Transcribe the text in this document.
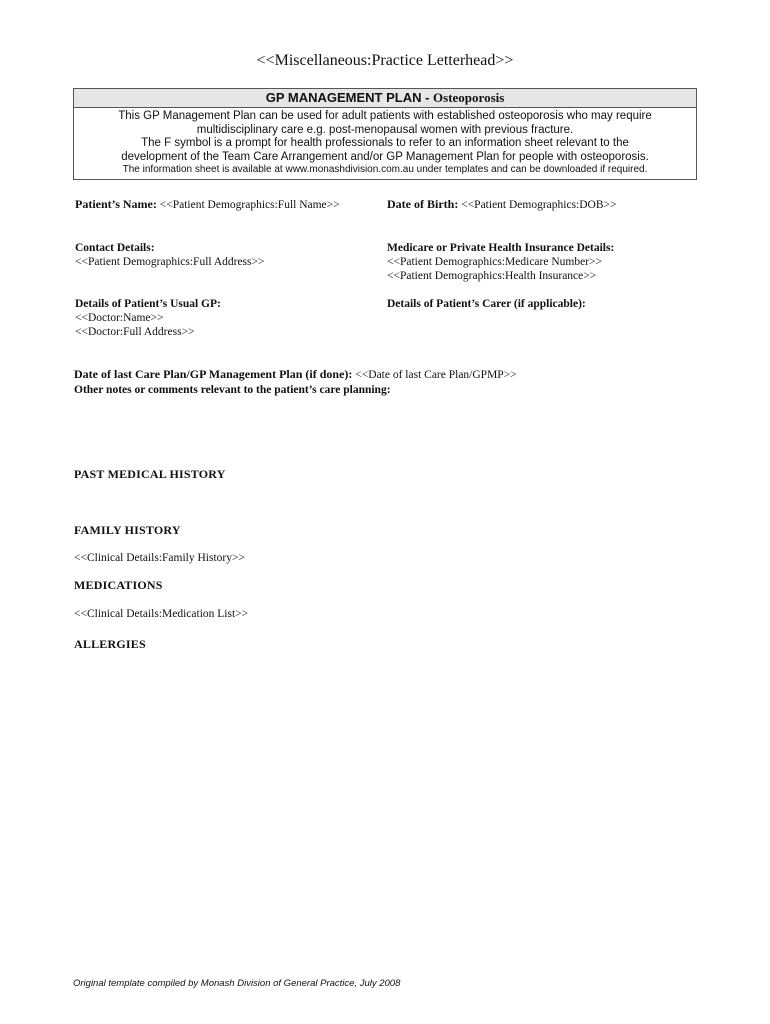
<<Miscellaneous:Practice Letterhead>>
GP MANAGEMENT PLAN - Osteoporosis
This GP Management Plan can be used for adult patients with established osteoporosis who may require
multidisciplinary care e.g. post-menopausal women with previous fracture.
The F symbol is a prompt for health professionals to refer to an information sheet relevant to the
development of the Team Care Arrangement and/or GP Management Plan for people with osteoporosis.
The information sheet is available at www.monashdivision.com.au under templates and can be downloaded if required.
Patient’s Name: <<Patient Demographics:Full Name>>	Date of Birth: <<Patient Demographics:DOB>>
Contact Details:
<<Patient Demographics:Full Address>>
Medicare or Private Health Insurance Details:
<<Patient Demographics:Medicare Number>>
<<Patient Demographics:Health Insurance>>
Details of Patient’s Usual GP:
<<Doctor:Name>>
<<Doctor:Full Address>>
Details of Patient’s Carer (if applicable):
Date of last Care Plan/GP Management Plan (if done): <<Date of last Care Plan/GPMP>>
Other notes or comments relevant to the patient’s care planning:
PAST MEDICAL HISTORY
FAMILY HISTORY
<<Clinical Details:Family History>>
MEDICATIONS
<<Clinical Details:Medication List>>
ALLERGIES
Original template compiled by Monash Division of General Practice, July 2008
